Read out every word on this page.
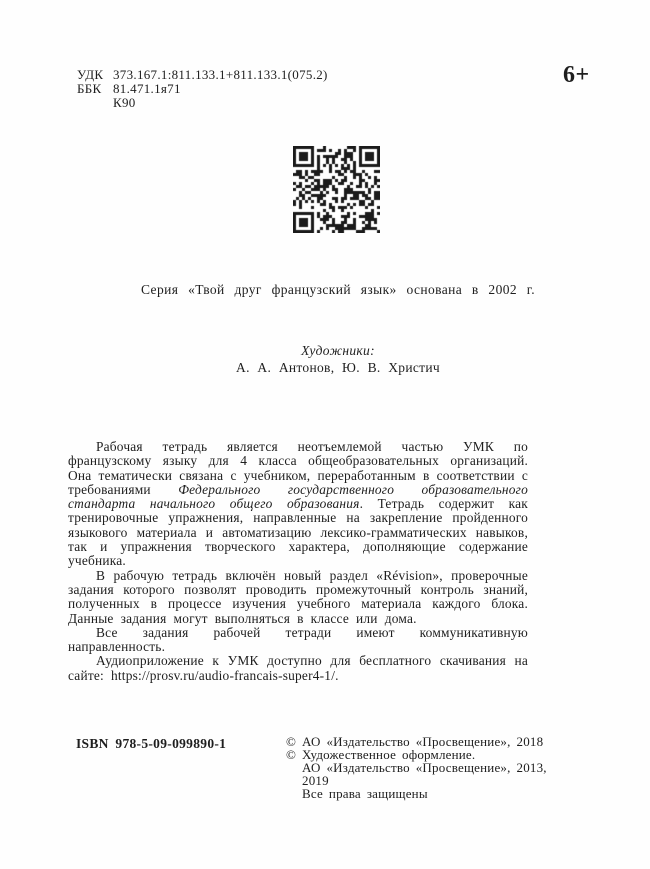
УДК 373.167.1:811.133.1+811.133.1(075.2)
ББК 81.471.1я71
К90
6+
Серия «Твой друг французский язык» основана в 2002 г.
Художники:
А. А. Антонов, Ю. В. Христич

Рабочая тетрадь является неотъемлемой частью УМК по французскому языку для 4 класса общеобразовательных организаций. Она тематически связана с учебником, переработанным в соответствии с требованиями Федерального государственного образовательного стандарта начального общего образования. Тетрадь содержит как тренировочные упражнения, направленные на закрепление пройденного языкового материала и автоматизацию лексико-грамматических навыков, так и упражнения творческого характера, дополняющие содержание учебника.

В рабочую тетрадь включён новый раздел «Révision», проверочные задания которого позволят проводить промежуточный контроль знаний, полученных в процессе изучения учебного материала каждого блока. Данные задания могут выполняться в классе или дома.

Все задания рабочей тетради имеют коммуникативную направленность.

Аудиоприложение к УМК доступно для бесплатного скачивания на сайте: https://prosv.ru/audio-francais-super4-1/.

ISBN 978-5-09-099890-1	© АО «Издательство «Просвещение», 2018
© Художественное оформление.
АО «Издательство «Просвещение», 2013,
2019
Все права защищены
